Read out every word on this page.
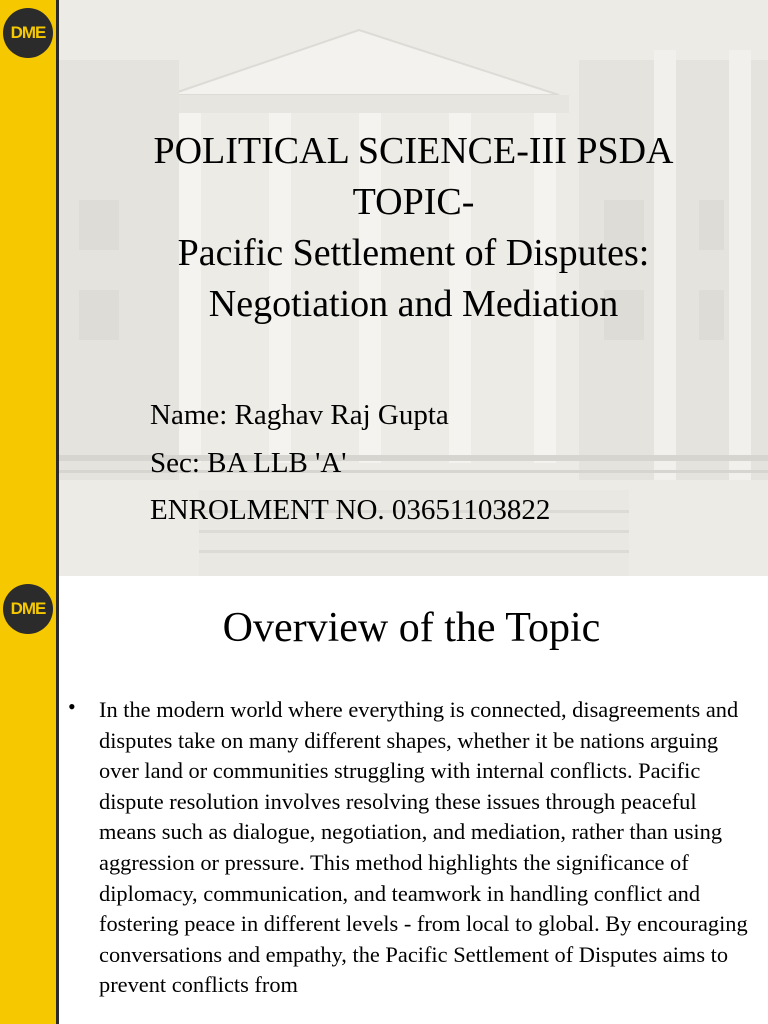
DME
POLITICAL SCIENCE-III PSDA
TOPIC-
Pacific Settlement of Disputes:
Negotiation and Mediation
Name: Raghav Raj Gupta
Sec: BA LLB 'A'
ENROLMENT NO. 03651103822
DME	Overview of the Topic
• In the modern world where everything is connected, disagreements and disputes take on many different shapes, whether it be nations arguing over land or communities struggling with internal conflicts. Pacific dispute resolution involves resolving these issues through peaceful means such as dialogue, negotiation, and mediation, rather than using aggression or pressure. This method highlights the significance of diplomacy, communication, and teamwork in handling conflict and fostering peace in different levels - from local to global. By encouraging conversations and empathy, the Pacific Settlement of Disputes aims to prevent conflicts from
